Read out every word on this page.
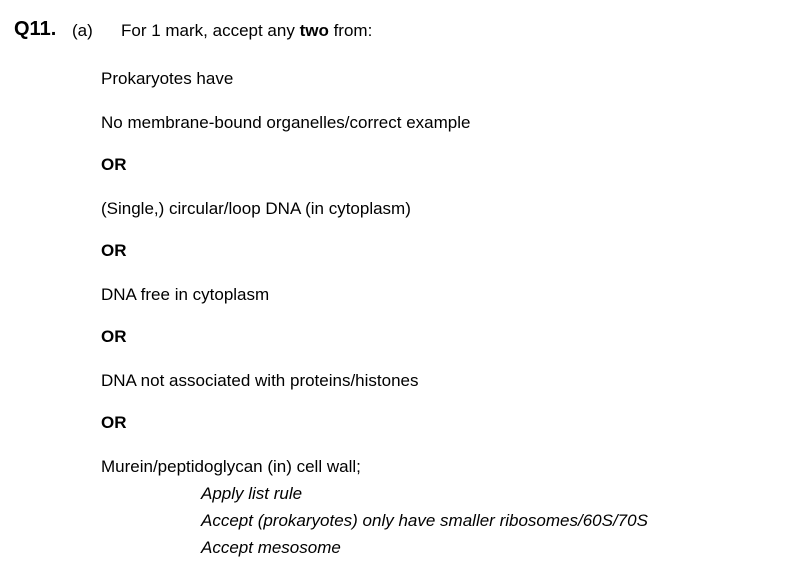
Q11. (a) For 1 mark, accept any two from:
Prokaryotes have
No membrane-bound organelles/correct example
OR
(Single,) circular/loop DNA (in cytoplasm)
OR
DNA free in cytoplasm
OR
DNA not associated with proteins/histones
OR
Murein/peptidoglycan (in) cell wall;
Apply list rule
Accept (prokaryotes) only have smaller ribosomes/60S/70S
Accept mesosome
